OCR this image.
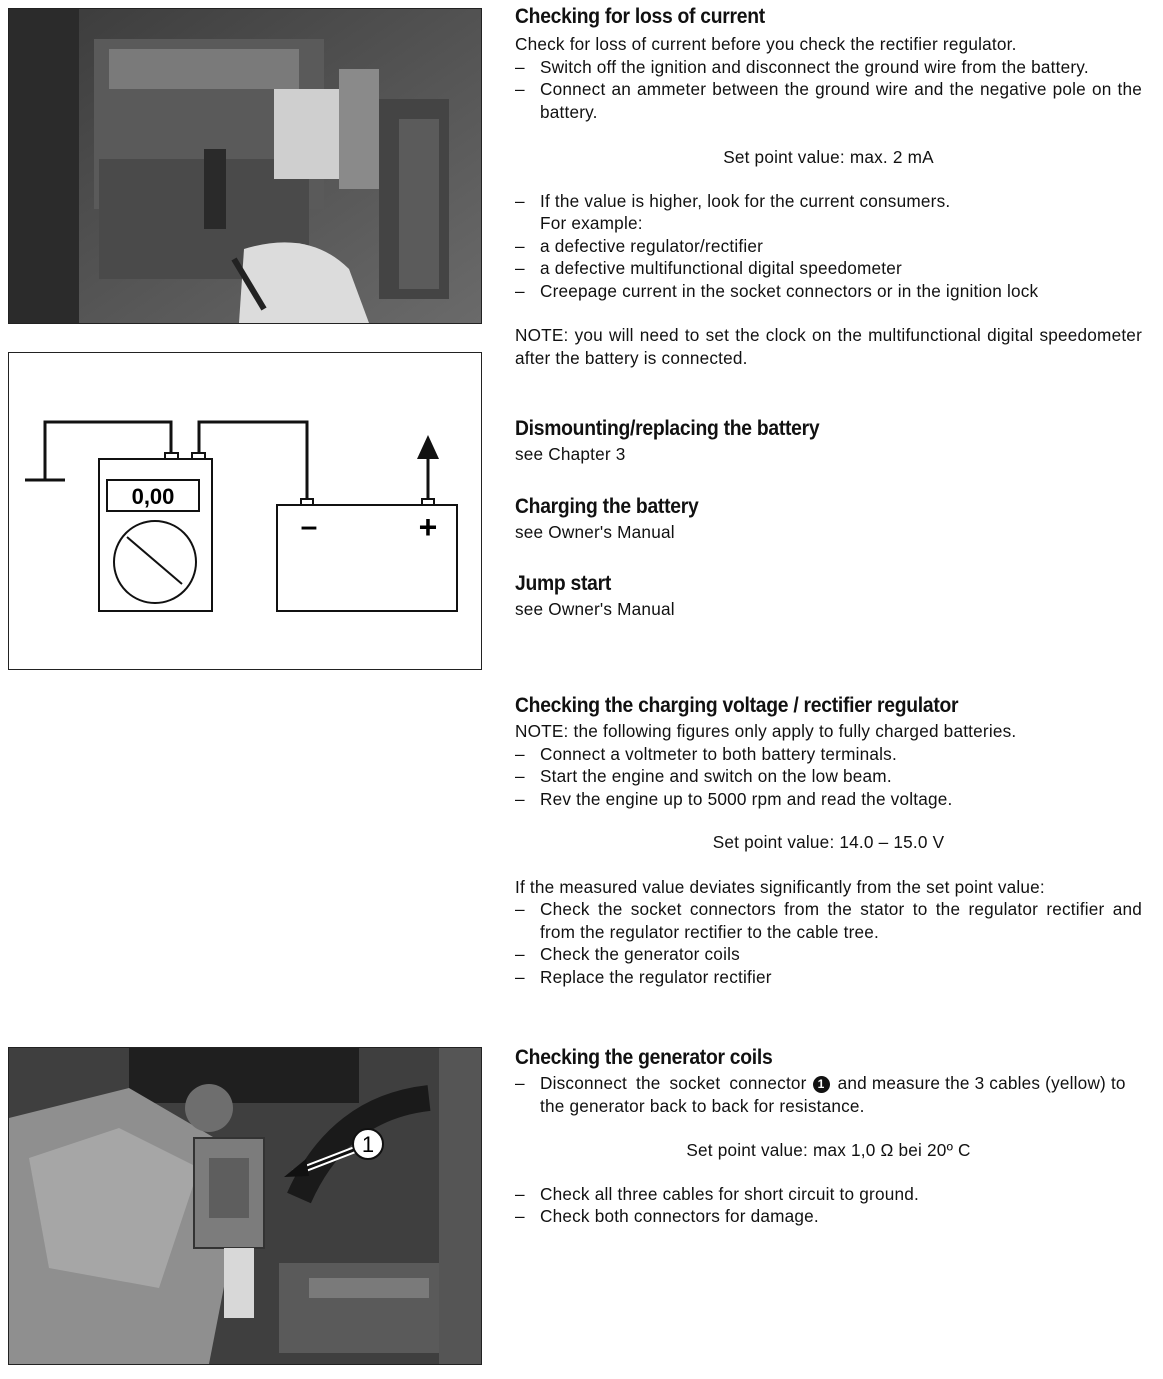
0,00
–	+
1
Checking for loss of current

Check for loss of current before you check the rectifier regulator.

– Switch off the ignition and disconnect the ground wire from the battery.
– Connect an ammeter between the ground wire and the negative pole on the battery.

Set point value: max. 2 mA

– If the value is higher, look for the current consumers.
For example:
– a defective regulator/rectifier
– a defective multifunctional digital speedometer
– Creepage current in the socket connectors or in the ignition lock

NOTE: you will need to set the clock on the multifunctional digital speedometer after the battery is connected.

Dismounting/replacing the battery

see Chapter 3

Charging the battery

see Owner's Manual

Jump start

see Owner's Manual

Checking the charging voltage / rectifier regulator

NOTE: the following figures only apply to fully charged batteries.

– Connect a voltmeter to both battery terminals.
– Start the engine and switch on the low beam.
– Rev the engine up to 5000 rpm and read the voltage.

Set point value: 14.0 – 15.0 V

If the measured value deviates significantly from the set point value:

– Check the socket connectors from the stator to the regulator rectifier and from the regulator rectifier to the cable tree.
– Check the generator coils
– Replace the regulator rectifier
Checking the generator coils
– Disconnect the socket connector 1 and measure the 3 cables (yellow) to the generator back to back for resistance.

Set point value: max 1,0 Ω bei 20º C

– Check all three cables for short circuit to ground.
– Check both connectors for damage.
